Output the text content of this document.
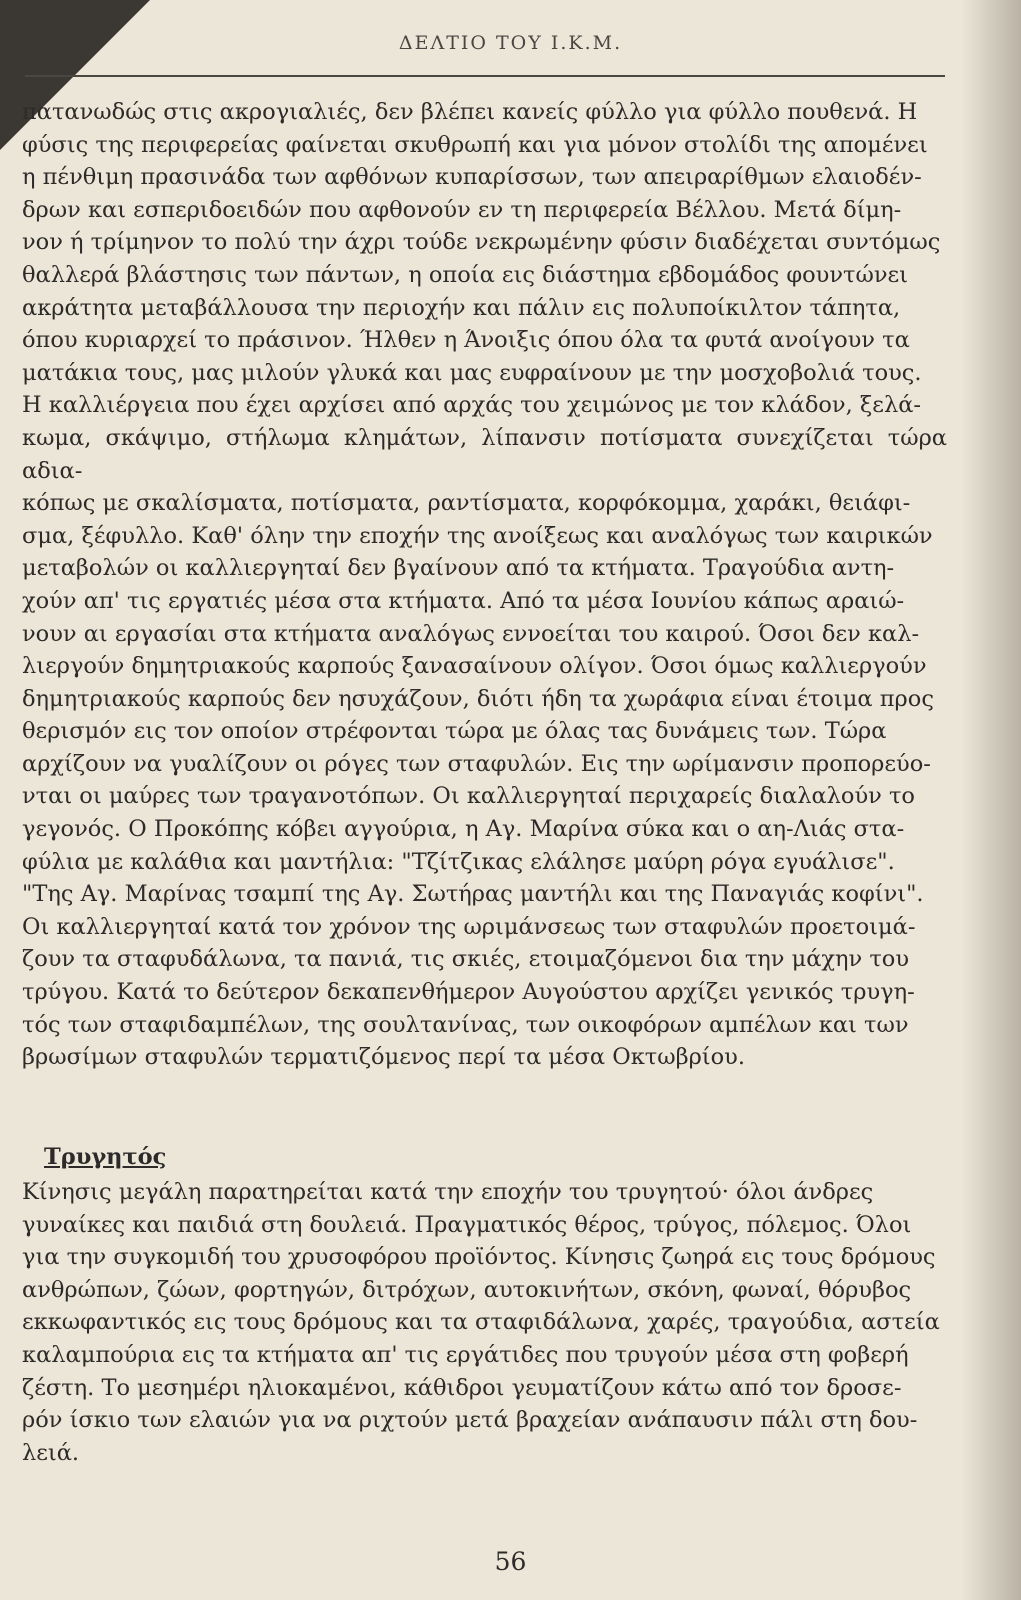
ΔΕΛΤΙΟ ΤΟΥ Ι.Κ.Μ.

πατανωδώς στις ακρογιαλιές, δεν βλέπει κανείς φύλλο για φύλλο πουθενά. Η
φύσις της περιφερείας φαίνεται σκυθρωπή και για μόνον στολίδι της απομένει
η πένθιμη πρασινάδα των αφθόνων κυπαρίσσων, των απειραρίθμων ελαιοδέν-
δρων και εσπεριδοειδών που αφθονούν εν τη περιφερεία Βέλλου. Μετά δίμη-
νον ή τρίμηνον το πολύ την άχρι τούδε νεκρωμένην φύσιν διαδέχεται συντόμως
θαλλερά βλάστησις των πάντων, η οποία εις διάστημα εβδομάδος φουντώνει
ακράτητα μεταβάλλουσα την περιοχήν και πάλιν εις πολυποίκιλτον τάπητα,
όπου κυριαρχεί το πράσινον. Ήλθεν η Άνοιξις όπου όλα τα φυτά ανοίγουν τα
ματάκια τους, μας μιλούν γλυκά και μας ευφραίνουν με την μοσχοβολιά τους.
Η καλλιέργεια που έχει αρχίσει από αρχάς του χειμώνος με τον κλάδον, ξελά-
κωμα, σκάψιμο, στήλωμα κλημάτων, λίπανσιν ποτίσματα συνεχίζεται τώρα αδια-
κόπως με σκαλίσματα, ποτίσματα, ραντίσματα, κορφόκομμα, χαράκι, θειάφι-
σμα, ξέφυλλο. Καθ' όλην την εποχήν της ανοίξεως και αναλόγως των καιρικών
μεταβολών οι καλλιεργηταί δεν βγαίνουν από τα κτήματα. Τραγούδια αντη-
χούν απ' τις εργατιές μέσα στα κτήματα. Από τα μέσα Ιουνίου κάπως αραιώ-
νουν αι εργασίαι στα κτήματα αναλόγως εννοείται του καιρού. Όσοι δεν καλ-
λιεργούν δημητριακούς καρπούς ξανασαίνουν ολίγον. Όσοι όμως καλλιεργούν
δημητριακούς καρπούς δεν ησυχάζουν, διότι ήδη τα χωράφια είναι έτοιμα προς
θερισμόν εις τον οποίον στρέφονται τώρα με όλας τας δυνάμεις των. Τώρα
αρχίζουν να γυαλίζουν οι ρόγες των σταφυλών. Εις την ωρίμανσιν προπορεύο-
νται οι μαύρες των τραγανοτόπων. Οι καλλιεργηταί περιχαρείς διαλαλούν το
γεγονός. Ο Προκόπης κόβει αγγούρια, η Αγ. Μαρίνα σύκα και ο αη-Λιάς στα-
φύλια με καλάθια και μαντήλια: "Τζίτζικας ελάλησε μαύρη ρόγα εγυάλισε".
"Της Αγ. Μαρίνας τσαμπί της Αγ. Σωτήρας μαντήλι και της Παναγιάς κοφίνι".
Οι καλλιεργηταί κατά τον χρόνον της ωριμάνσεως των σταφυλών προετοιμά-
ζουν τα σταφυδάλωνα, τα πανιά, τις σκιές, ετοιμαζόμενοι δια την μάχην του
τρύγου. Κατά το δεύτερον δεκαπενθήμερον Αυγούστου αρχίζει γενικός τρυγη-
τός των σταφιδαμπέλων, της σουλτανίνας, των οικοφόρων αμπέλων και των
βρωσίμων σταφυλών τερματιζόμενος περί τα μέσα Οκτωβρίου.

Τρυγητός

Κίνησις μεγάλη παρατηρείται κατά την εποχήν του τρυγητού· όλοι άνδρες
γυναίκες και παιδιά στη δουλειά. Πραγματικός θέρος, τρύγος, πόλεμος. Όλοι
για την συγκομιδή του χρυσοφόρου προϊόντος. Κίνησις ζωηρά εις τους δρόμους
ανθρώπων, ζώων, φορτηγών, διτρόχων, αυτοκινήτων, σκόνη, φωναί, θόρυβος
εκκωφαντικός εις τους δρόμους και τα σταφιδάλωνα, χαρές, τραγούδια, αστεία
καλαμπούρια εις τα κτήματα απ' τις εργάτιδες που τρυγούν μέσα στη φοβερή
ζέστη. Το μεσημέρι ηλιοκαμένοι, κάθιδροι γευματίζουν κάτω από τον δροσε-
ρόν ίσκιο των ελαιών για να ριχτούν μετά βραχείαν ανάπαυσιν πάλι στη δου-
λειά.

56
